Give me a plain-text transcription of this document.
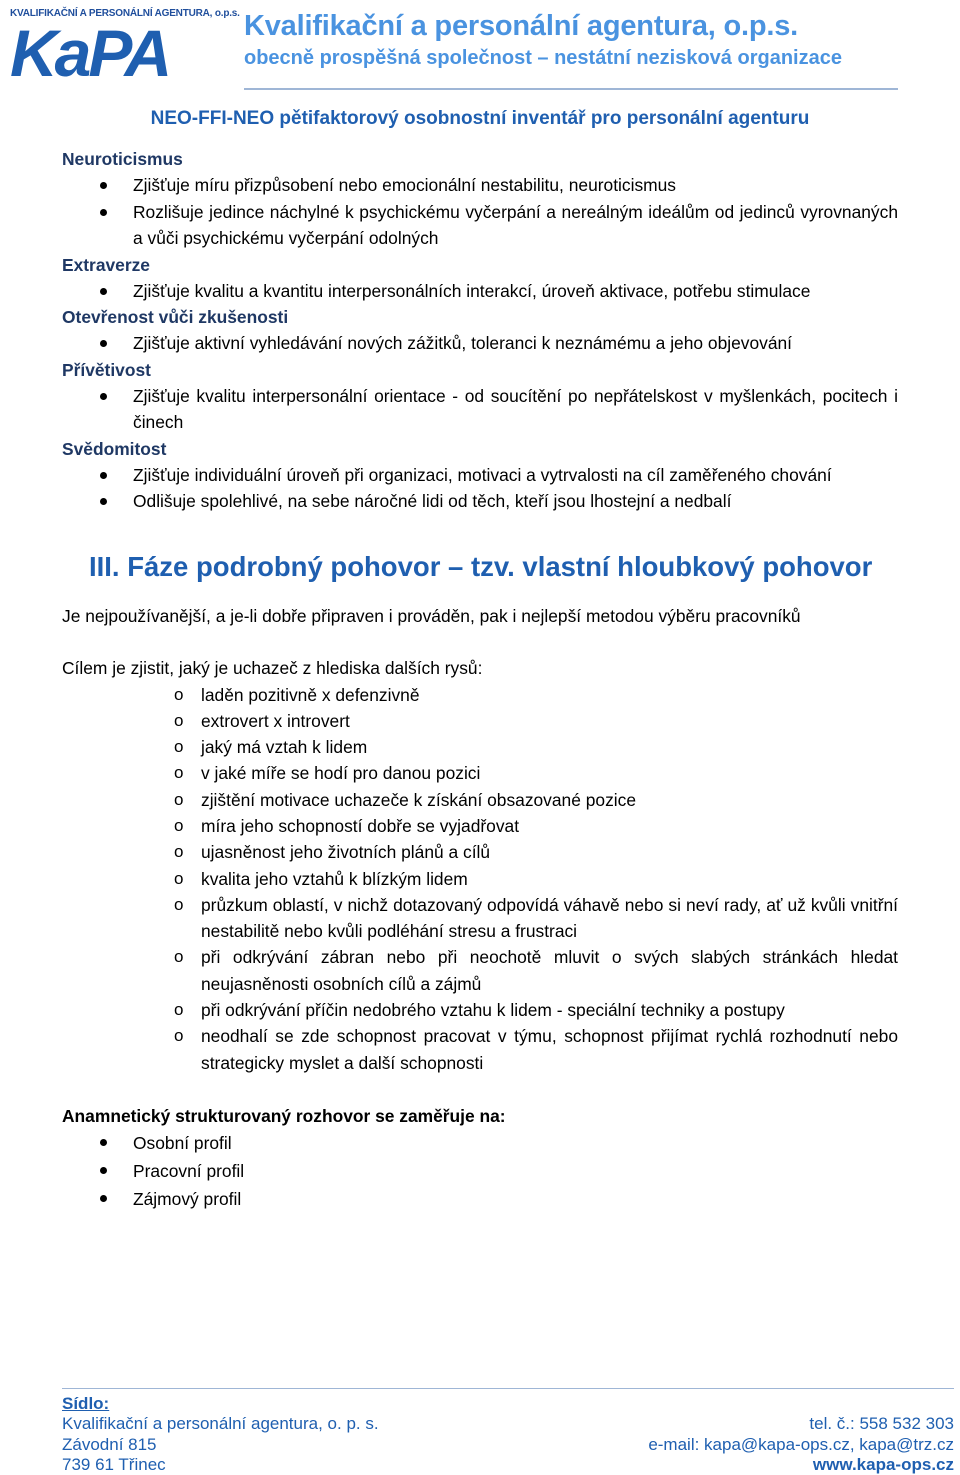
KVALIFIKAČNÍ A PERSONÁLNÍ AGENTURA, o.p.s.
KaPA	Kvalifikační a personální agentura, o.p.s.
obecně prospěšná společnost – nestátní nezisková organizace
NEO-FFI-NEO pětifaktorový osobnostní inventář pro personální agenturu
Neuroticismus
Zjišťuje míru přizpůsobení nebo emocionální nestabilitu, neuroticismus
Rozlišuje jedince náchylné k psychickému vyčerpání a nereálným ideálům od jedinců vyrovnaných a vůči psychickému vyčerpání odolných
Extraverze
Zjišťuje kvalitu a kvantitu interpersonálních interakcí, úroveň aktivace, potřebu stimulace
Otevřenost vůči zkušenosti
Zjišťuje aktivní vyhledávání nových zážitků, toleranci k neznámému a jeho objevování
Přívětivost
Zjišťuje kvalitu interpersonální orientace - od soucítění po nepřátelskost v myšlenkách, pocitech i činech
Svědomitost
Zjišťuje individuální úroveň při organizaci, motivaci a vytrvalosti na cíl zaměřeného chování
Odlišuje spolehlivé, na sebe náročné lidi od těch, kteří jsou lhostejní a nedbalí
III. Fáze podrobný pohovor – tzv. vlastní hloubkový pohovor
Je nejpoužívanější, a je-li dobře připraven i prováděn, pak i nejlepší metodou výběru pracovníků
Cílem je zjistit, jaký je uchazeč z hlediska dalších rysů:
o laděn pozitivně x defenzivně
o extrovert x introvert
o jaký má vztah k lidem
o v jaké míře se hodí pro danou pozici
o zjištění motivace uchazeče k získání obsazované pozice
o míra jeho schopností dobře se vyjadřovat
o ujasněnost jeho životních plánů a cílů
o kvalita jeho vztahů k blízkým lidem
o průzkum oblastí, v nichž dotazovaný odpovídá váhavě nebo si neví rady, ať už kvůli vnitřní nestabilitě nebo kvůli podléhání stresu a frustraci
o při odkrývání zábran nebo při neochotě mluvit o svých slabých stránkách hledat neujasněnosti osobních cílů a zájmů
o při odkrývání příčin nedobrého vztahu k lidem - speciální techniky a postupy
o neodhalí se zde schopnost pracovat v týmu, schopnost přijímat rychlá rozhodnutí nebo strategicky myslet a další schopnosti
Anamnetický strukturovaný rozhovor se zaměřuje na:
Osobní profil
Pracovní profil
Zájmový profil
Sídlo:
Kvalifikační a personální agentura, o. p. s.
Závodní 815
739 61 Třinec
tel. č.: 558 532 303
e-mail: kapa@kapa-ops.cz, kapa@trz.cz
www.kapa-ops.cz
